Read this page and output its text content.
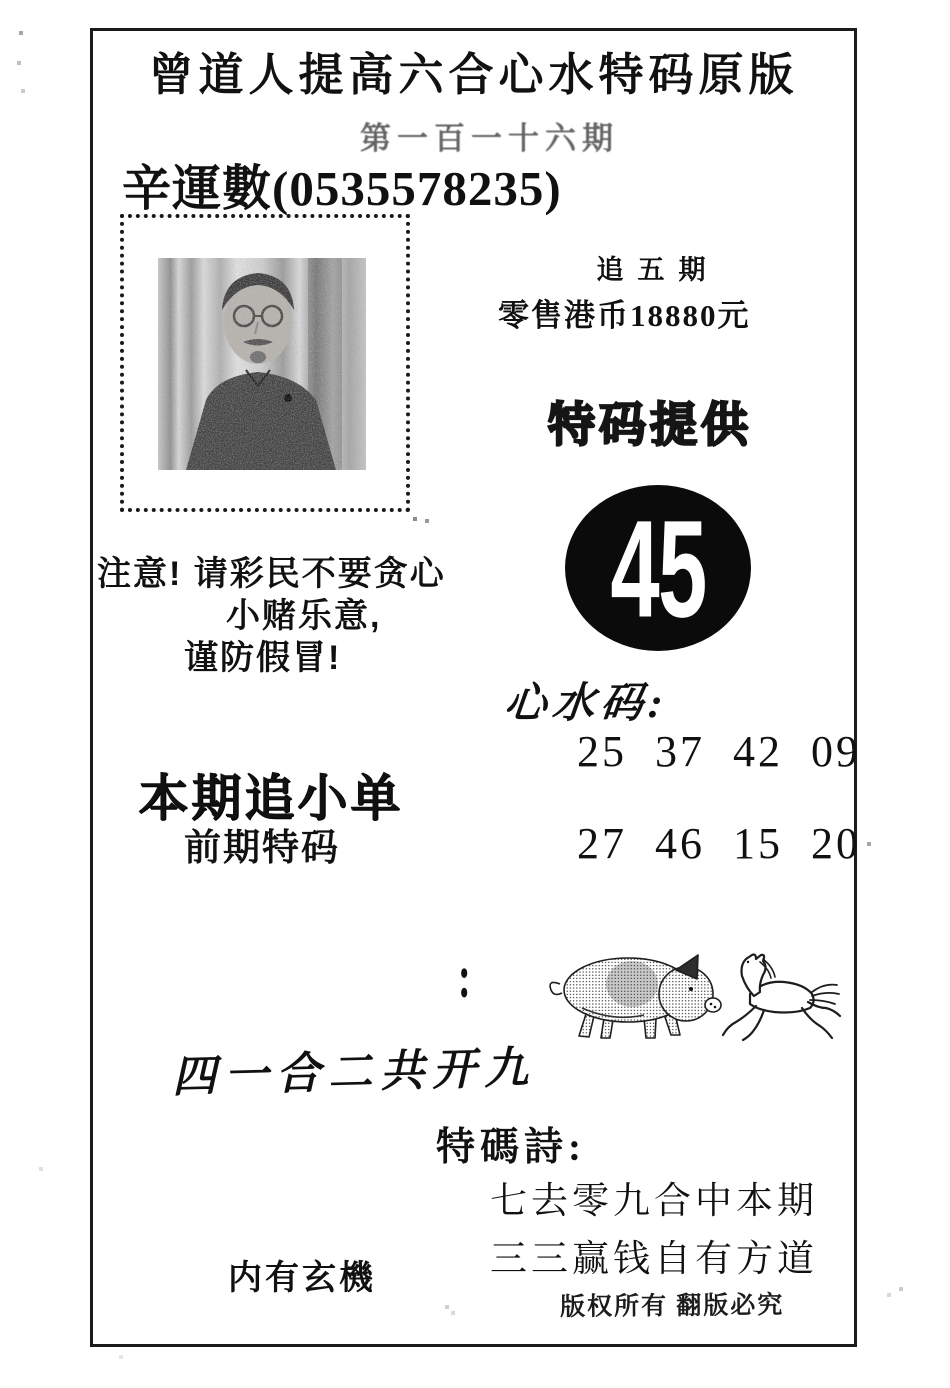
曾道人提高六合心水特码原版
第一百一十六期
辛運數(0535578235)
追五期
零售港币18880元
特码提供
45
心水码:
25 37 42 09
注意! 请彩民不要贪心
小赌乐意,
谨防假冒!
本期追小单
前期特码	27 46 15 20
:
四一合二共开九
特碼詩:
七去零九合中本期
三三赢钱自有方道
内有玄機
版权所有 翻版必究
